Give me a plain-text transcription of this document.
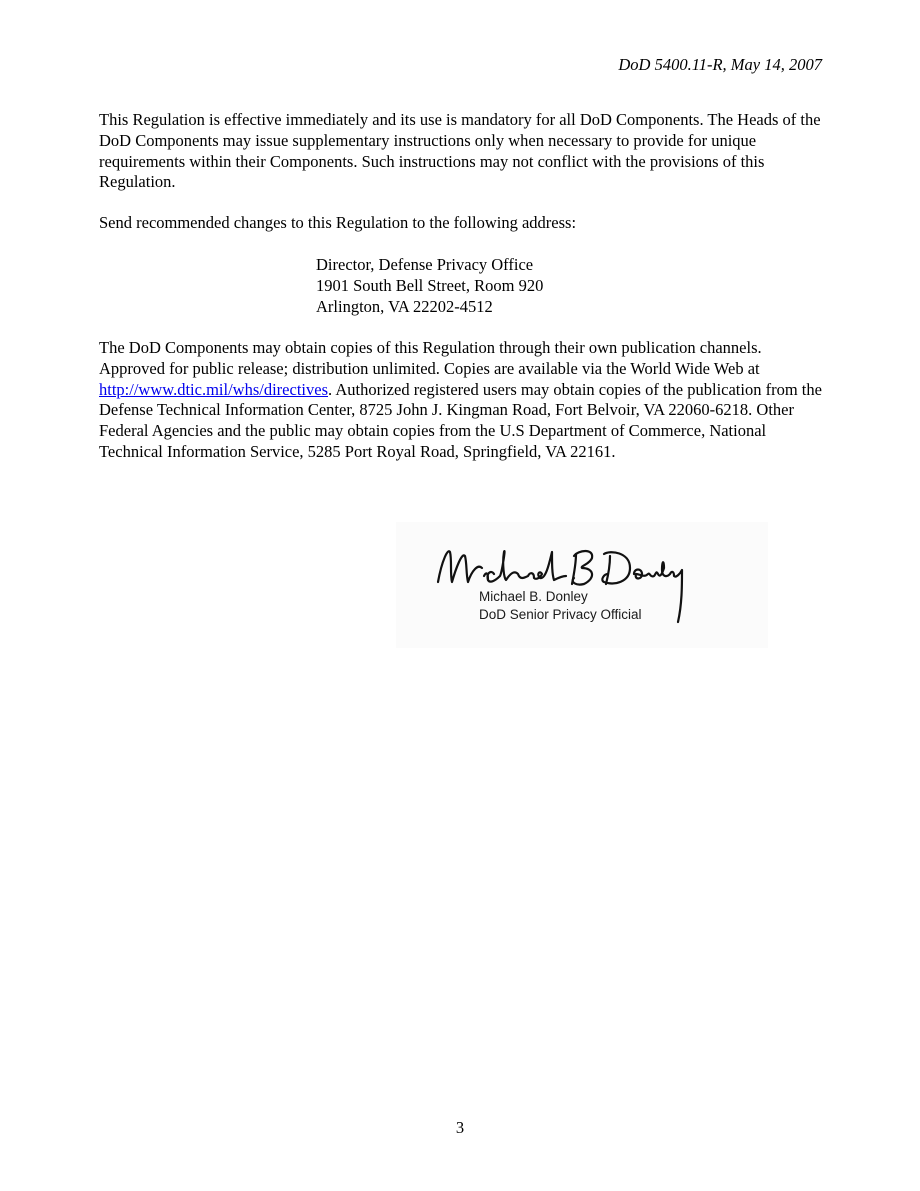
DoD 5400.11-R, May 14, 2007
This Regulation is effective immediately and its use is mandatory for all DoD Components. The Heads of the DoD Components may issue supplementary instructions only when necessary to provide for unique requirements within their Components. Such instructions may not conflict with the provisions of this Regulation.
Send recommended changes to this Regulation to the following address:
Director, Defense Privacy Office
1901 South Bell Street, Room 920
Arlington, VA 22202-4512
The DoD Components may obtain copies of this Regulation through their own publication channels. Approved for public release; distribution unlimited. Copies are available via the World Wide Web at http://www.dtic.mil/whs/directives. Authorized registered users may obtain copies of the publication from the Defense Technical Information Center, 8725 John J. Kingman Road, Fort Belvoir, VA 22060-6218. Other Federal Agencies and the public may obtain copies from the U.S Department of Commerce, National Technical Information Service, 5285 Port Royal Road, Springfield, VA 22161.
Michael B. Donley
DoD Senior Privacy Official
3
